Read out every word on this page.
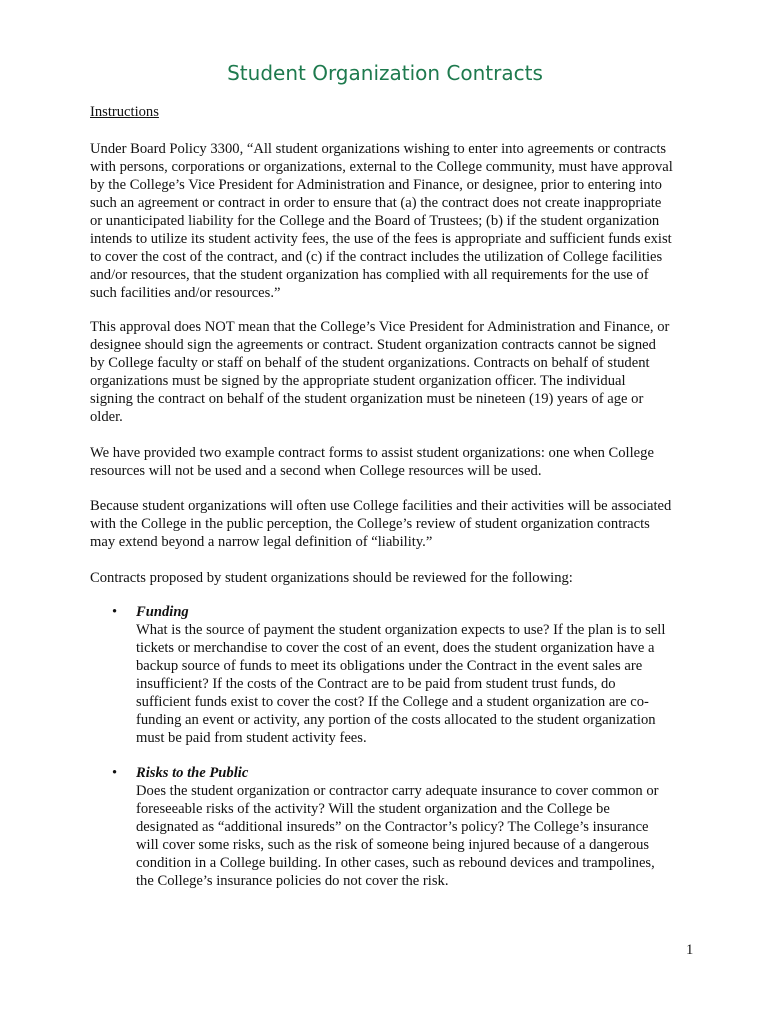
Student Organization Contracts
Instructions
Under Board Policy 3300, “All student organizations wishing to enter into agreements or contracts
with persons, corporations or organizations, external to the College community, must have approval
by the College’s Vice President for Administration and Finance, or designee, prior to entering into
such an agreement or contract in order to ensure that (a) the contract does not create inappropriate
or unanticipated liability for the College and the Board of Trustees; (b) if the student organization
intends to utilize its student activity fees, the use of the fees is appropriate and sufficient funds exist
to cover the cost of the contract, and (c) if the contract includes the utilization of College facilities
and/or resources, that the student organization has complied with all requirements for the use of
such facilities and/or resources.”
This approval does NOT mean that the College’s Vice President for Administration and Finance, or
designee should sign the agreements or contract. Student organization contracts cannot be signed
by College faculty or staff on behalf of the student organizations. Contracts on behalf of student
organizations must be signed by the appropriate student organization officer. The individual
signing the contract on behalf of the student organization must be nineteen (19) years of age or
older.
We have provided two example contract forms to assist student organizations: one when College
resources will not be used and a second when College resources will be used.
Because student organizations will often use College facilities and their activities will be associated
with the College in the public perception, the College’s review of student organization contracts
may extend beyond a narrow legal definition of “liability.”
Contracts proposed by student organizations should be reviewed for the following:
• Funding
What is the source of payment the student organization expects to use? If the plan is to sell
tickets or merchandise to cover the cost of an event, does the student organization have a
backup source of funds to meet its obligations under the Contract in the event sales are
insufficient? If the costs of the Contract are to be paid from student trust funds, do
sufficient funds exist to cover the cost? If the College and a student organization are co-
funding an event or activity, any portion of the costs allocated to the student organization
must be paid from student activity fees.
• Risks to the Public
Does the student organization or contractor carry adequate insurance to cover common or
foreseeable risks of the activity? Will the student organization and the College be
designated as “additional insureds” on the Contractor’s policy? The College’s insurance
will cover some risks, such as the risk of someone being injured because of a dangerous
condition in a College building. In other cases, such as rebound devices and trampolines,
the College’s insurance policies do not cover the risk.
1
